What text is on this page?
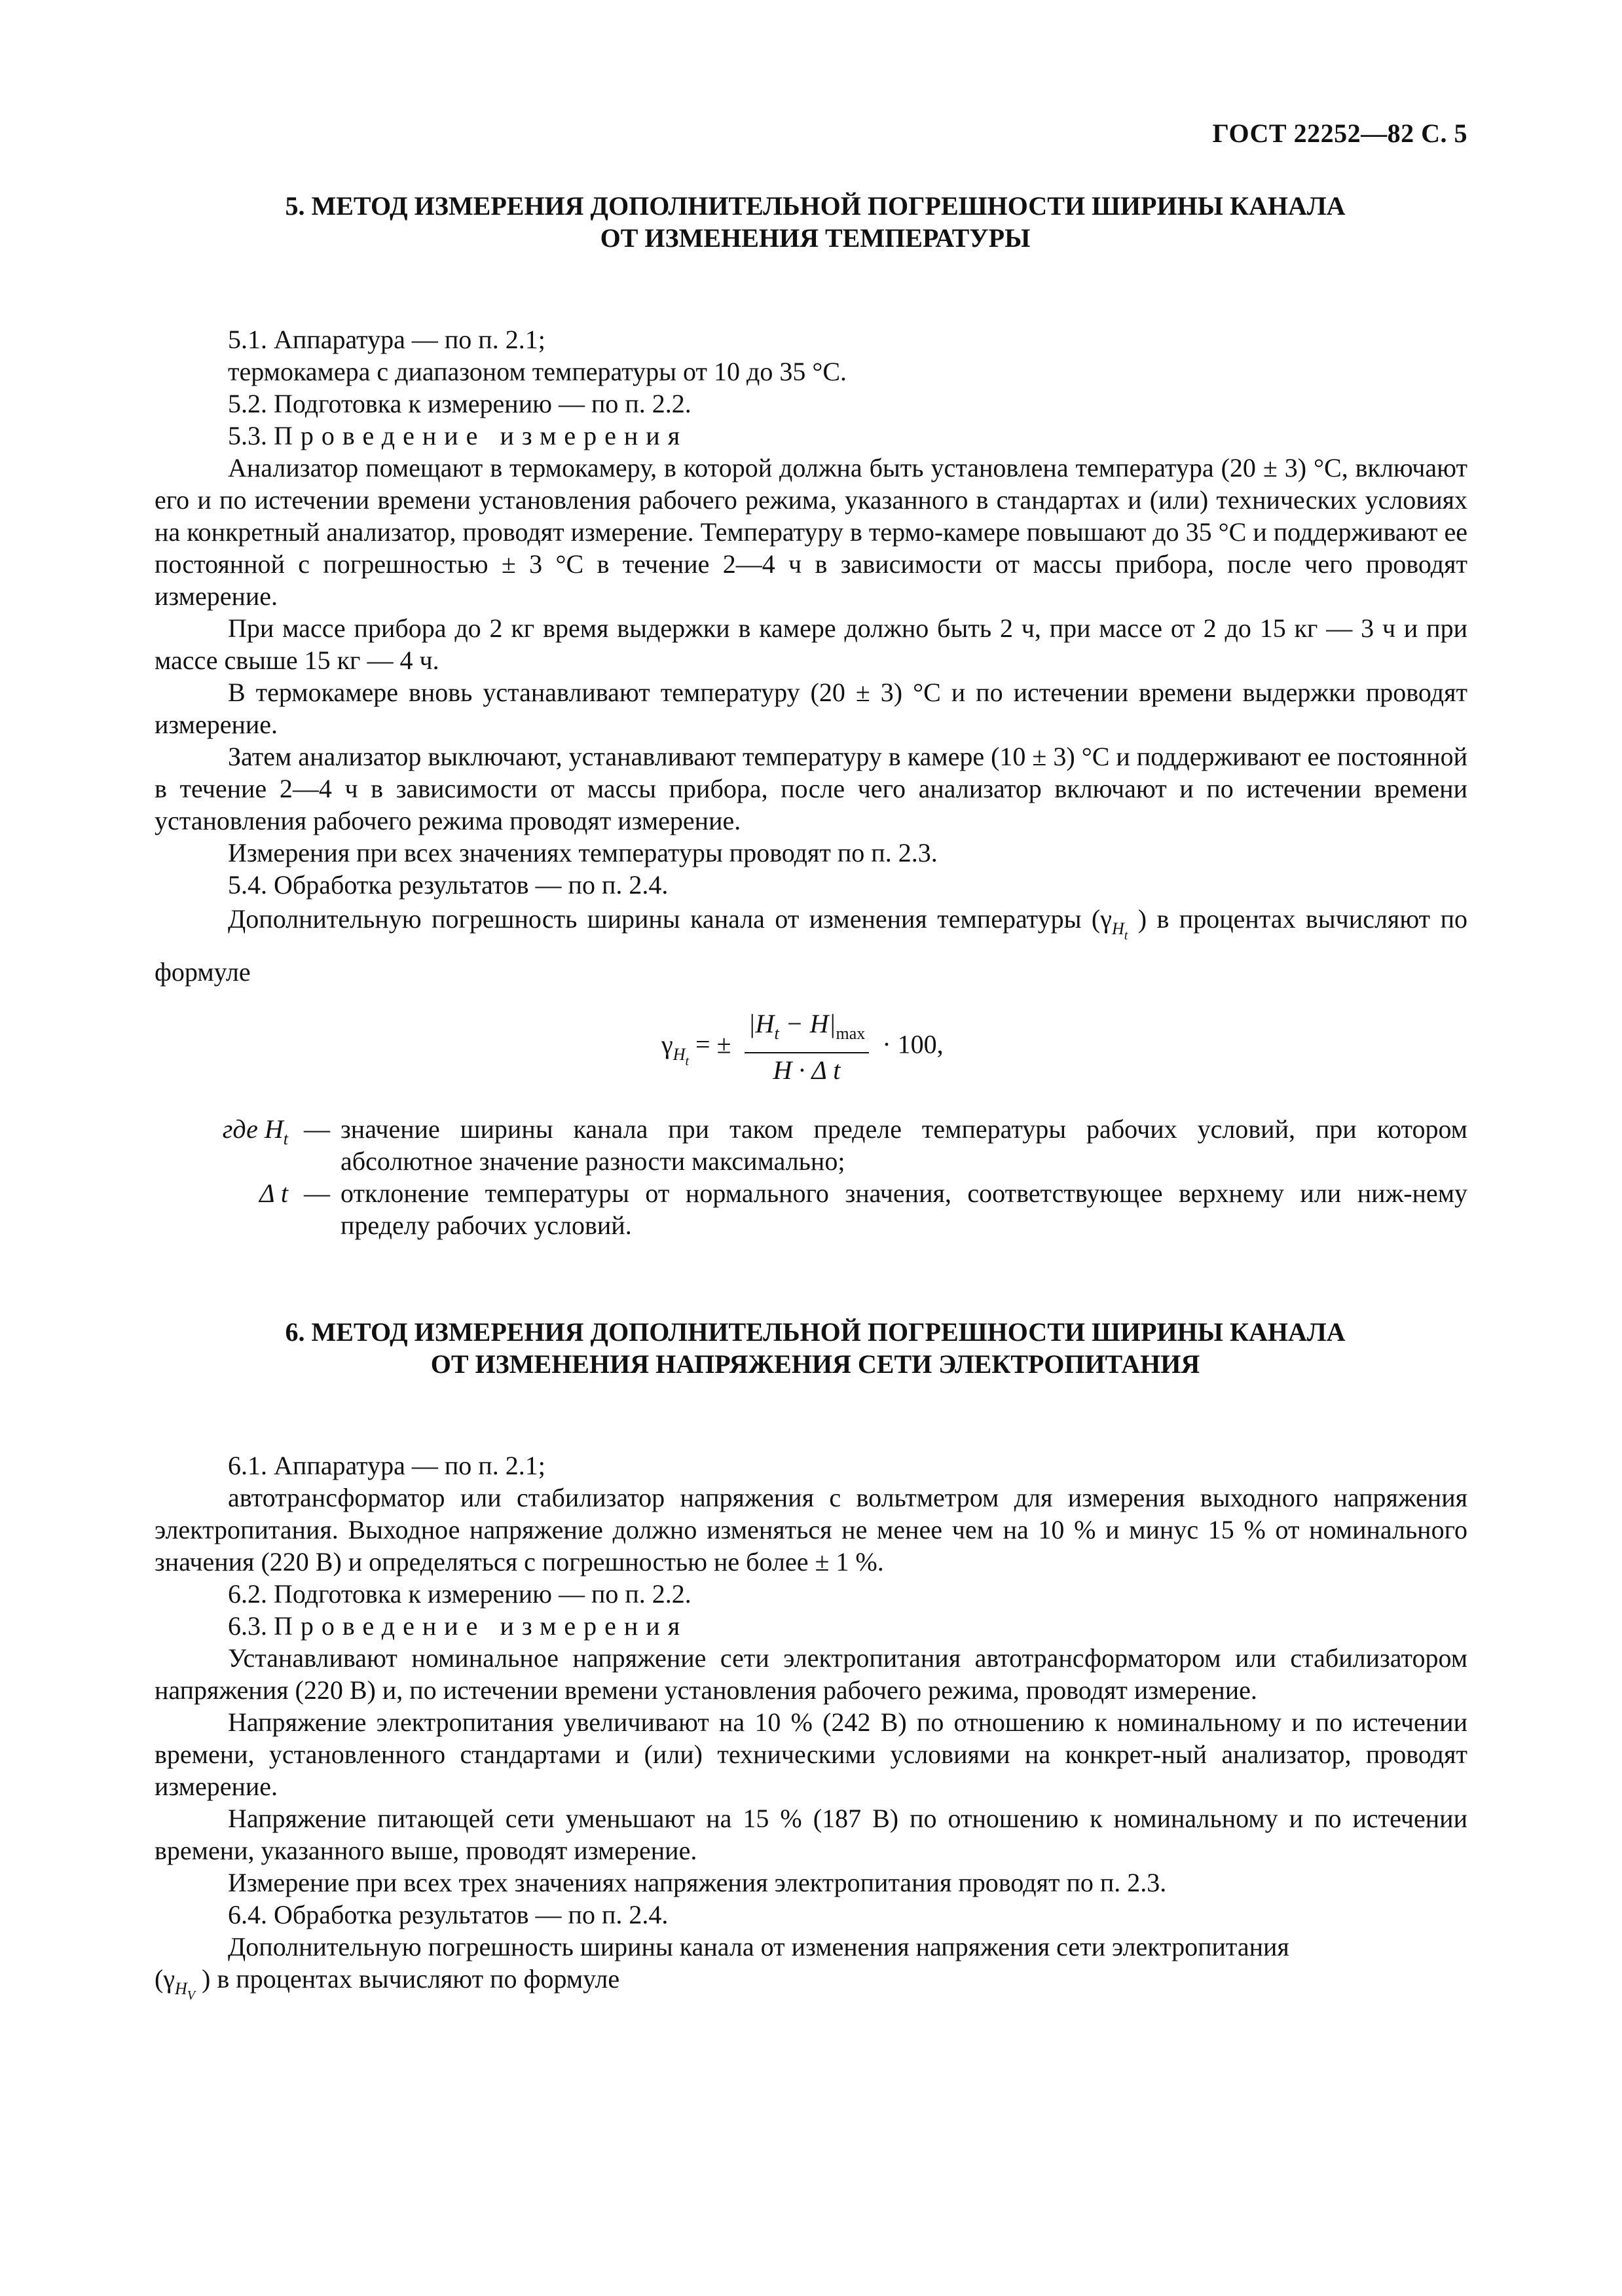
ГОСТ 22252—82 С. 5
5. МЕТОД ИЗМЕРЕНИЯ ДОПОЛНИТЕЛЬНОЙ ПОГРЕШНОСТИ ШИРИНЫ КАНАЛА
ОТ ИЗМЕНЕНИЯ ТЕМПЕРАТУРЫ

5.1. Аппаратура — по п. 2.1;

термокамера с диапазоном температуры от 10 до 35 °С.

5.2. Подготовка к измерению — по п. 2.2.

5.3. Проведение измерения

Анализатор помещают в термокамеру, в которой должна быть установлена температура (20 ± 3) °С, включают его и по истечении времени установления рабочего режима, указанного в стандартах и (или) технических условиях на конкретный анализатор, проводят измерение. Температуру в термо-камере повышают до 35 °С и поддерживают ее постоянной с погрешностью ± 3 °С в течение 2—4 ч в зависимости от массы прибора, после чего проводят измерение.

При массе прибора до 2 кг время выдержки в камере должно быть 2 ч, при массе от 2 до 15 кг — 3 ч и при массе свыше 15 кг — 4 ч.

В термокамере вновь устанавливают температуру (20 ± 3) °С и по истечении времени выдержки проводят измерение.

Затем анализатор выключают, устанавливают температуру в камере (10 ± 3) °С и поддерживают ее постоянной в течение 2—4 ч в зависимости от массы прибора, после чего анализатор включают и по истечении времени установления рабочего режима проводят измерение.

Измерения при всех значениях температуры проводят по п. 2.3.

5.4. Обработка результатов — по п. 2.4.

Дополнительную погрешность ширины канала от изменения температуры ($\gamma_{H_t}$ ) в процентах вычисляют по формуле

$\gamma_{H_t}$ = ± $\frac{|H_t - H|_{max}}{\text{H · Δ t}} \cdot 100$,
где $H_t$ — значение ширины канала при таком пределе температуры рабочих условий, при котором абсолютное значение разности максимально;
Δ t — отклонение температуры от нормального значения, соответствующее верхнему или ниж-нему пределу рабочих условий.
6. МЕТОД ИЗМЕРЕНИЯ ДОПОЛНИТЕЛЬНОЙ ПОГРЕШНОСТИ ШИРИНЫ КАНАЛА
ОТ ИЗМЕНЕНИЯ НАПРЯЖЕНИЯ СЕТИ ЭЛЕКТРОПИТАНИЯ

6.1. Аппаратура — по п. 2.1;

автотрансформатор или стабилизатор напряжения с вольтметром для измерения выходного напряжения электропитания. Выходное напряжение должно изменяться не менее чем на 10 % и минус 15 % от номинального значения (220 В) и определяться с погрешностью не более ± 1 %.

6.2. Подготовка к измерению — по п. 2.2.

6.3. Проведение измерения

Устанавливают номинальное напряжение сети электропитания автотрансформатором или стабилизатором напряжения (220 В) и, по истечении времени установления рабочего режима, проводят измерение.

Напряжение электропитания увеличивают на 10 % (242 В) по отношению к номинальному и по истечении времени, установленного стандартами и (или) техническими условиями на конкрет-ный анализатор, проводят измерение.

Напряжение питающей сети уменьшают на 15 % (187 В) по отношению к номинальному и по истечении времени, указанного выше, проводят измерение.

Измерение при всех трех значениях напряжения электропитания проводят по п. 2.3.

6.4. Обработка результатов — по п. 2.4.

Дополнительную погрешность ширины канала от изменения напряжения сети электропитания

($\gamma_{H_V}$ ) в процентах вычисляют по формуле
